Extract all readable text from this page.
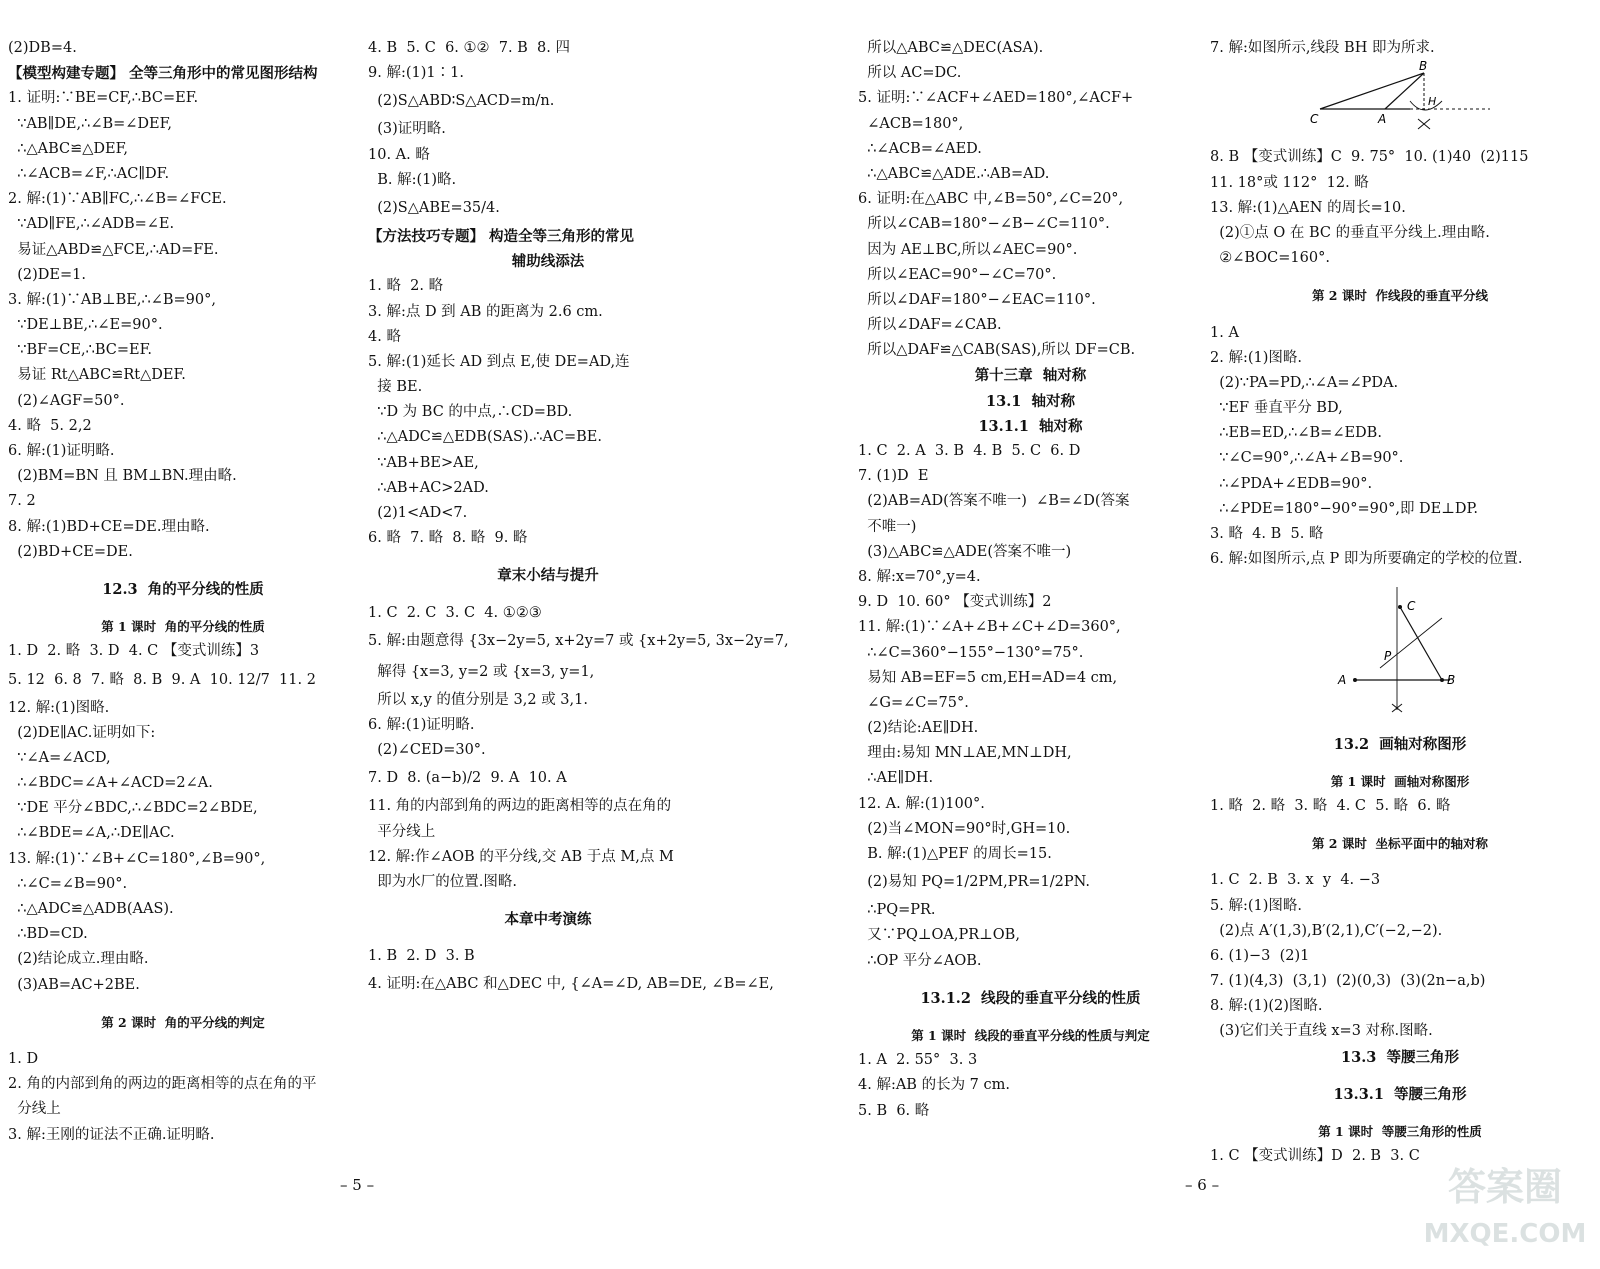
(2)DB=4.
【模型构建专题】 全等三角形中的常见图形结构
1. 证明:∵BE=CF,∴BC=EF.
∵AB∥DE,∴∠B=∠DEF,
∴△ABC≌△DEF,
∴∠ACB=∠F,∴AC∥DF.
2. 解:(1)∵AB∥FC,∴∠B=∠FCE.
∵AD∥FE,∴∠ADB=∠E.
易证△ABD≌△FCE,∴AD=FE.
(2)DE=1.
3. 解:(1)∵AB⊥BE,∴∠B=90°,
∵DE⊥BE,∴∠E=90°.
∵BF=CE,∴BC=EF.
易证 Rt△ABC≌Rt△DEF.
(2)∠AGF=50°.
4. 略  5. 2,2
6. 解:(1)证明略.
(2)BM=BN 且 BM⊥BN.理由略.
7. 2
8. 解:(1)BD+CE=DE.理由略.
(2)BD+CE=DE.
12.3  角的平分线的性质
第 1 课时  角的平分线的性质
1. D  2. 略  3. D  4. C 【变式训练】3
5. 12  6. 8  7. 略  8. B  9. A  10. 12/7  11. 2
12. 解:(1)图略.
(2)DE∥AC.证明如下:
∵∠A=∠ACD,
∴∠BDC=∠A+∠ACD=2∠A.
∵DE 平分∠BDC,∴∠BDC=2∠BDE,
∴∠BDE=∠A,∴DE∥AC.
13. 解:(1)∵∠B+∠C=180°,∠B=90°,
∴∠C=∠B=90°.
∴△ADC≌△ADB(AAS).
∴BD=CD.
(2)结论成立.理由略.
(3)AB=AC+2BE.
第 2 课时  角的平分线的判定
1. D
2. 角的内部到角的两边的距离相等的点在角的平
分线上
3. 解:王刚的证法不正确.证明略.
4. B  5. C  6. ①②  7. B  8. 四
9. 解:(1)1∶1.
(2)S△ABD∶S△ACD=m/n.
(3)证明略.
10. A. 略
B. 解:(1)略.
(2)S△ABE=35/4.
【方法技巧专题】 构造全等三角形的常见
辅助线添法
1. 略  2. 略
3. 解:点 D 到 AB 的距离为 2.6 cm.
4. 略
5. 解:(1)延长 AD 到点 E,使 DE=AD,连
接 BE.
∵D 为 BC 的中点,∴CD=BD.
∴△ADC≌△EDB(SAS).∴AC=BE.
∵AB+BE>AE,
∴AB+AC>2AD.
(2)1<AD<7.
6. 略  7. 略  8. 略  9. 略
章末小结与提升
1. C  2. C  3. C  4. ①②③
5. 解:由题意得 {3x−2y=5, x+2y=7 或 {x+2y=5, 3x−2y=7,
解得 {x=3, y=2 或 {x=3, y=1,
所以 x,y 的值分别是 3,2 或 3,1.
6. 解:(1)证明略.
(2)∠CED=30°.
7. D  8. (a−b)/2  9. A  10. A
11. 角的内部到角的两边的距离相等的点在角的
平分线上
12. 解:作∠AOB 的平分线,交 AB 于点 M,点 M
即为水厂的位置.图略.
本章中考演练
1. B  2. D  3. B
4. 证明:在△ABC 和△DEC 中, {∠A=∠D, AB=DE, ∠B=∠E,
所以△ABC≌△DEC(ASA).
所以 AC=DC.
5. 证明:∵∠ACF+∠AED=180°,∠ACF+
∠ACB=180°,
∴∠ACB=∠AED.
∴△ABC≌△ADE.∴AB=AD.
6. 证明:在△ABC 中,∠B=50°,∠C=20°,
所以∠CAB=180°−∠B−∠C=110°.
因为 AE⊥BC,所以∠AEC=90°.
所以∠EAC=90°−∠C=70°.
所以∠DAF=180°−∠EAC=110°.
所以∠DAF=∠CAB.
所以△DAF≌△CAB(SAS),所以 DF=CB.
第十三章  轴对称
13.1  轴对称
13.1.1  轴对称
1. C  2. A  3. B  4. B  5. C  6. D
7. (1)D  E
(2)AB=AD(答案不唯一)  ∠B=∠D(答案
不唯一)
(3)△ABC≌△ADE(答案不唯一)
8. 解:x=70°,y=4.
9. D  10. 60° 【变式训练】2
11. 解:(1)∵∠A+∠B+∠C+∠D=360°,
∴∠C=360°−155°−130°=75°.
易知 AB=EF=5 cm,EH=AD=4 cm,
∠G=∠C=75°.
(2)结论:AE∥DH.
理由:易知 MN⊥AE,MN⊥DH,
∴AE∥DH.
12. A. 解:(1)100°.
(2)当∠MON=90°时,GH=10.
B. 解:(1)△PEF 的周长=15.
(2)易知 PQ=1/2PM,PR=1/2PN.
∴PQ=PR.
又∵PQ⊥OA,PR⊥OB,
∴OP 平分∠AOB.
13.1.2  线段的垂直平分线的性质
第 1 课时  线段的垂直平分线的性质与判定
1. A  2. 55°  3. 3
4. 解:AB 的长为 7 cm.
5. B  6. 略
7. 解:如图所示,线段 BH 即为所求.
B
C	A
H
8. B 【变式训练】C  9. 75°  10. (1)40  (2)115
11. 18°或 112°  12. 略
13. 解:(1)△AEN 的周长=10.
(2)①点 O 在 BC 的垂直平分线上.理由略.
②∠BOC=160°.
第 2 课时  作线段的垂直平分线
1. A
2. 解:(1)图略.
(2)∵PA=PD,∴∠A=∠PDA.
∵EF 垂直平分 BD,
∴EB=ED,∴∠B=∠EDB.
∵∠C=90°,∴∠A+∠B=90°.
∴∠PDA+∠EDB=90°.
∴∠PDE=180°−90°=90°,即 DE⊥DP.
3. 略  4. B  5. 略
6. 解:如图所示,点 P 即为所要确定的学校的位置.
C
P
A	B
13.2  画轴对称图形
第 1 课时  画轴对称图形
1. 略  2. 略  3. 略  4. C  5. 略  6. 略
第 2 课时  坐标平面中的轴对称
1. C  2. B  3. x  y  4. −3
5. 解:(1)图略.
(2)点 A′(1,3),B′(2,1),C′(−2,−2).
6. (1)−3  (2)1
7. (1)(4,3)  (3,1)  (2)(0,3)  (3)(2n−a,b)
8. 解:(1)(2)图略.
(3)它们关于直线 x=3 对称.图略.
13.3  等腰三角形
13.3.1  等腰三角形
第 1 课时  等腰三角形的性质
1. C 【变式训练】D  2. B  3. C
– 5 –	– 6 –	答案圈
MXQE.COM
